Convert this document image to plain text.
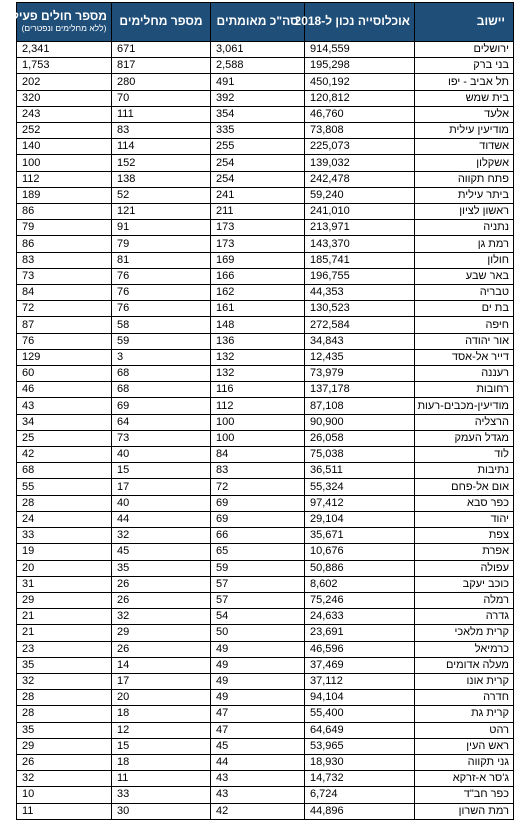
יישוב	אוכלוסייה נכון ל-2018	סה"כ מאומתים	מספר מחלימים	מספר חולים פעילים
(ללא מחלימים ונפטרים)

ירושלים	914,559	3,061	671	2,341
בני ברק	195,298	2,588	817	1,753
תל אביב - יפו	450,192	491	280	202
בית שמש	120,812	392	70	320
אלעד	46,760	354	111	243
מודיעין עילית	73,808	335	83	252
אשדוד	225,073	255	114	140
אשקלון	139,032	254	152	100
פתח תקווה	242,478	254	138	112
ביתר עילית	59,240	241	52	189
ראשון לציון	241,010	211	121	86
נתניה	213,971	173	91	79
רמת גן	143,370	173	79	86
חולון	185,741	169	81	83
באר שבע	196,755	166	76	73
טבריה	44,353	162	76	84
בת ים	130,523	161	76	72
חיפה	272,584	148	58	87
אור יהודה	34,843	136	59	76
דייר אל-אסד	12,435	132	3	129
רעננה	73,979	132	68	60
רחובות	137,178	116	68	46
מודיעין-מכבים-רעות	87,108	112	69	43
הרצליה	90,900	100	64	34
מגדל העמק	26,058	100	73	25
לוד	75,038	84	40	42
נתיבות	36,511	83	15	68
אום אל-פחם	55,324	72	17	55
כפר סבא	97,412	69	40	28
יהוד	29,104	69	44	24
צפת	35,671	66	32	33
אפרת	10,676	65	45	19
עפולה	50,886	59	35	20
כוכב יעקב	8,602	57	26	31
רמלה	75,246	57	26	29
גדרה	24,633	54	32	21
קרית מלאכי	23,691	50	29	21
כרמיאל	46,596	49	26	23
מעלה אדומים	37,469	49	14	35
קרית אונו	37,112	49	17	32
חדרה	94,104	49	20	28
קרית גת	55,400	47	18	28
רהט	64,649	47	12	35
ראש העין	53,965	45	15	29
גני תקווה	18,930	44	18	26
ג'סר א-זרקא	14,732	43	11	32
כפר חב"ד	6,724	43	33	10
רמת השרון	44,896	42	30	11
